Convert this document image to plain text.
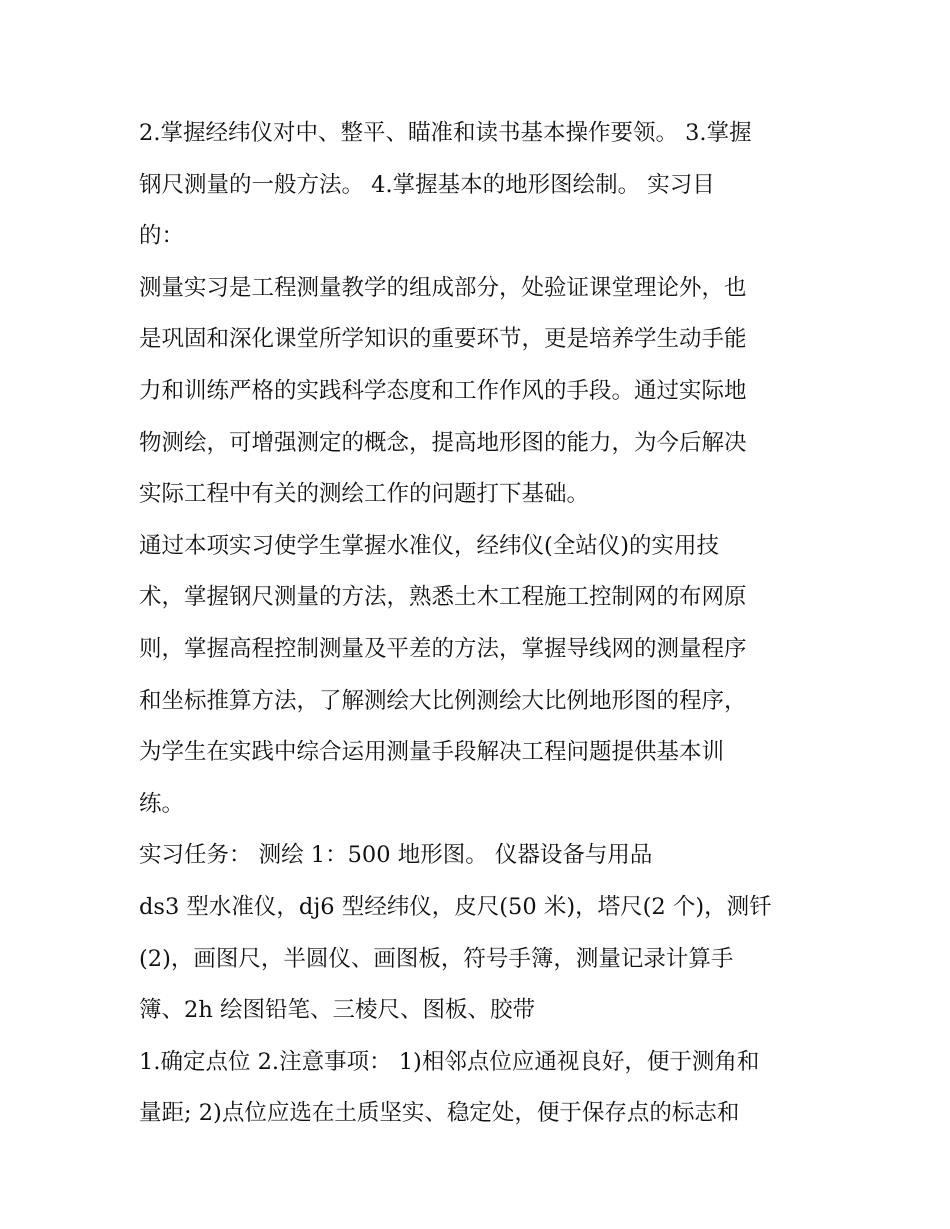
2.掌握经纬仪对中、整平、瞄准和读书基本操作要领。 3.掌握
钢尺测量的一般方法。 4.掌握基本的地形图绘制。 实习目
的：
测量实习是工程测量教学的组成部分，处验证课堂理论外，也
是巩固和深化课堂所学知识的重要环节，更是培养学生动手能
力和训练严格的实践科学态度和工作作风的手段。通过实际地
物测绘，可增强测定的概念，提高地形图的能力，为今后解决
实际工程中有关的测绘工作的问题打下基础。
通过本项实习使学生掌握水准仪，经纬仪(全站仪)的实用技
术，掌握钢尺测量的方法，熟悉土木工程施工控制网的布网原
则，掌握高程控制测量及平差的方法，掌握导线网的测量程序
和坐标推算方法，了解测绘大比例测绘大比例地形图的程序，
为学生在实践中综合运用测量手段解决工程问题提供基本训
练。
实习任务： 测绘 1：500 地形图。 仪器设备与用品
ds3 型水准仪，dj6 型经纬仪，皮尺(50 米)，塔尺(2 个)，测钎
(2)，画图尺，半圆仪、画图板，符号手簿，测量记录计算手
簿、2h 绘图铅笔、三棱尺、图板、胶带
1.确定点位 2.注意事项： 1)相邻点位应通视良好，便于测角和
量距; 2)点位应选在土质坚实、稳定处，便于保存点的标志和
